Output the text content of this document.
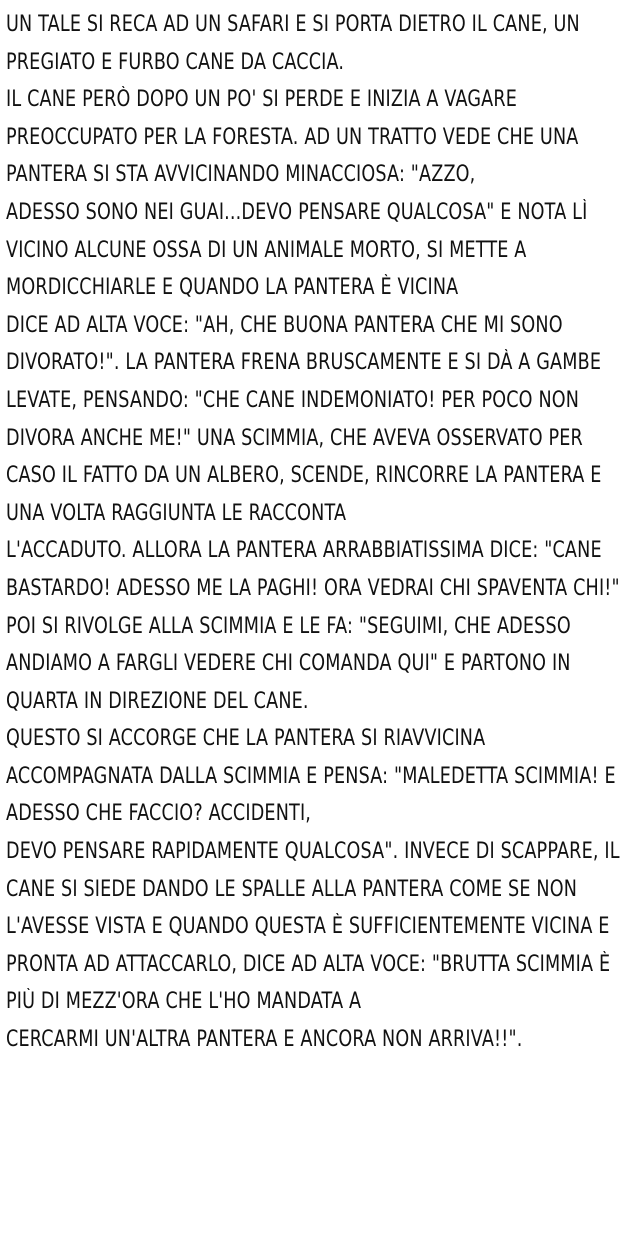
UN TALE SI RECA AD UN SAFARI E SI PORTA DIETRO IL CANE, UN
PREGIATO E FURBO CANE DA CACCIA.
IL CANE PERÒ DOPO UN PO' SI PERDE E INIZIA A VAGARE
PREOCCUPATO PER LA FORESTA. AD UN TRATTO VEDE CHE UNA
PANTERA SI STA AVVICINANDO MINACCIOSA: "AZZO,
ADESSO SONO NEI GUAI...DEVO PENSARE QUALCOSA" E NOTA LÌ
VICINO ALCUNE OSSA DI UN ANIMALE MORTO, SI METTE A
MORDICCHIARLE E QUANDO LA PANTERA È VICINA
DICE AD ALTA VOCE: "AH, CHE BUONA PANTERA CHE MI SONO
DIVORATO!". LA PANTERA FRENA BRUSCAMENTE E SI DÀ A GAMBE
LEVATE, PENSANDO: "CHE CANE INDEMONIATO! PER POCO NON
DIVORA ANCHE ME!" UNA SCIMMIA, CHE AVEVA OSSERVATO PER
CASO IL FATTO DA UN ALBERO, SCENDE, RINCORRE LA PANTERA E
UNA VOLTA RAGGIUNTA LE RACCONTA
L'ACCADUTO. ALLORA LA PANTERA ARRABBIATISSIMA DICE: "CANE
BASTARDO! ADESSO ME LA PAGHI! ORA VEDRAI CHI SPAVENTA CHI!"
POI SI RIVOLGE ALLA SCIMMIA E LE FA: "SEGUIMI, CHE ADESSO
ANDIAMO A FARGLI VEDERE CHI COMANDA QUI" E PARTONO IN
QUARTA IN DIREZIONE DEL CANE.
QUESTO SI ACCORGE CHE LA PANTERA SI RIAVVICINA
ACCOMPAGNATA DALLA SCIMMIA E PENSA: "MALEDETTA SCIMMIA! E
ADESSO CHE FACCIO? ACCIDENTI,
DEVO PENSARE RAPIDAMENTE QUALCOSA". INVECE DI SCAPPARE, IL
CANE SI SIEDE DANDO LE SPALLE ALLA PANTERA COME SE NON
L'AVESSE VISTA E QUANDO QUESTA È SUFFICIENTEMENTE VICINA E
PRONTA AD ATTACCARLO, DICE AD ALTA VOCE: "BRUTTA SCIMMIA È
PIÙ DI MEZZ'ORA CHE L'HO MANDATA A
CERCARMI UN'ALTRA PANTERA E ANCORA NON ARRIVA!!".
